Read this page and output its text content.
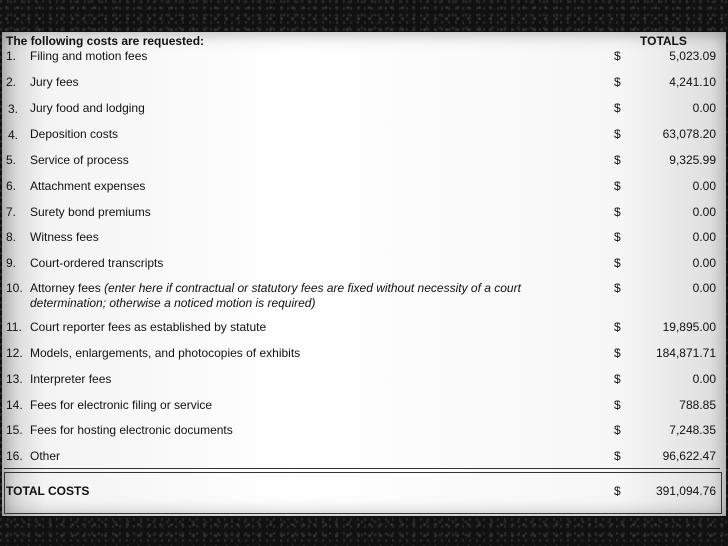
The following costs are requested:	TOTALS
1. Filing and motion fees	$	5,023.09
2. Jury fees	$	4,241.10
3. Jury food and lodging	$	0.00
4. Deposition costs	$	63,078.20
5. Service of process	$	9,325.99
6. Attachment expenses	$	0.00
7. Surety bond premiums	$	0.00
8. Witness fees	$	0.00
9. Court-ordered transcripts	$	0.00
10. Attorney fees (enter here if contractual or statutory fees are fixed without necessity of a court determination; otherwise a noticed motion is required)
$	0.00
11. Court reporter fees as established by statute	$	19,895.00
12. Models, enlargements, and photocopies of exhibits	$	184,871.71
13. Interpreter fees	$	0.00
14. Fees for electronic filing or service	$	788.85
15. Fees for hosting electronic documents	$	7,248.35
16. Other	$	96,622.47
TOTAL COSTS	$	391,094.76
